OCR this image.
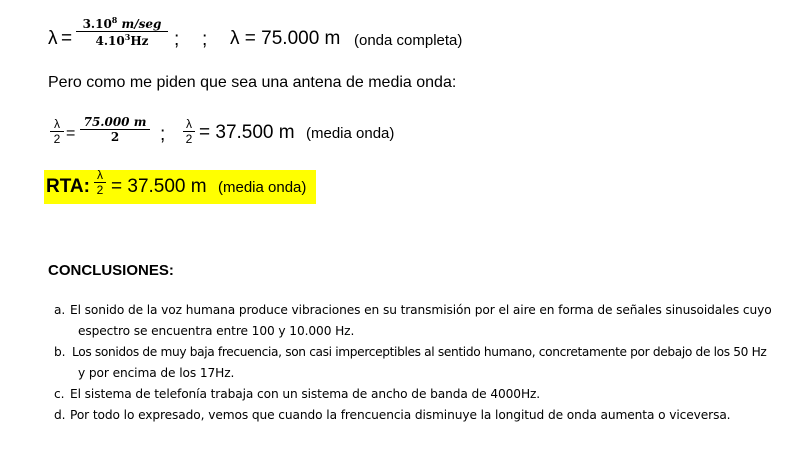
λ =
$3.10^8$ m/seg
4.10$^3$Hz	; ; λ = 75.000 m (onda completa)
Pero como me piden que sea una antena de media onda:
λ
2 =
75.000 m
2	; λ
2 = 37.500 m (media onda)
RTA:
λ
2 = 37.500 m (media onda)
CONCLUSIONES:
a. El sonido de la voz humana produce vibraciones en su transmisión por el aire en forma de señales sinusoidales cuyo
espectro se encuentra entre 100 y 10.000 Hz.
b. Los sonidos de muy baja frecuencia, son casi imperceptibles al sentido humano, concretamente por debajo de los 50 Hz
y por encima de los 17Hz.
c. El sistema de telefonía trabaja con un sistema de ancho de banda de 4000Hz.
d. Por todo lo expresado, vemos que cuando la frencuencia disminuye la longitud de onda aumenta o viceversa.
